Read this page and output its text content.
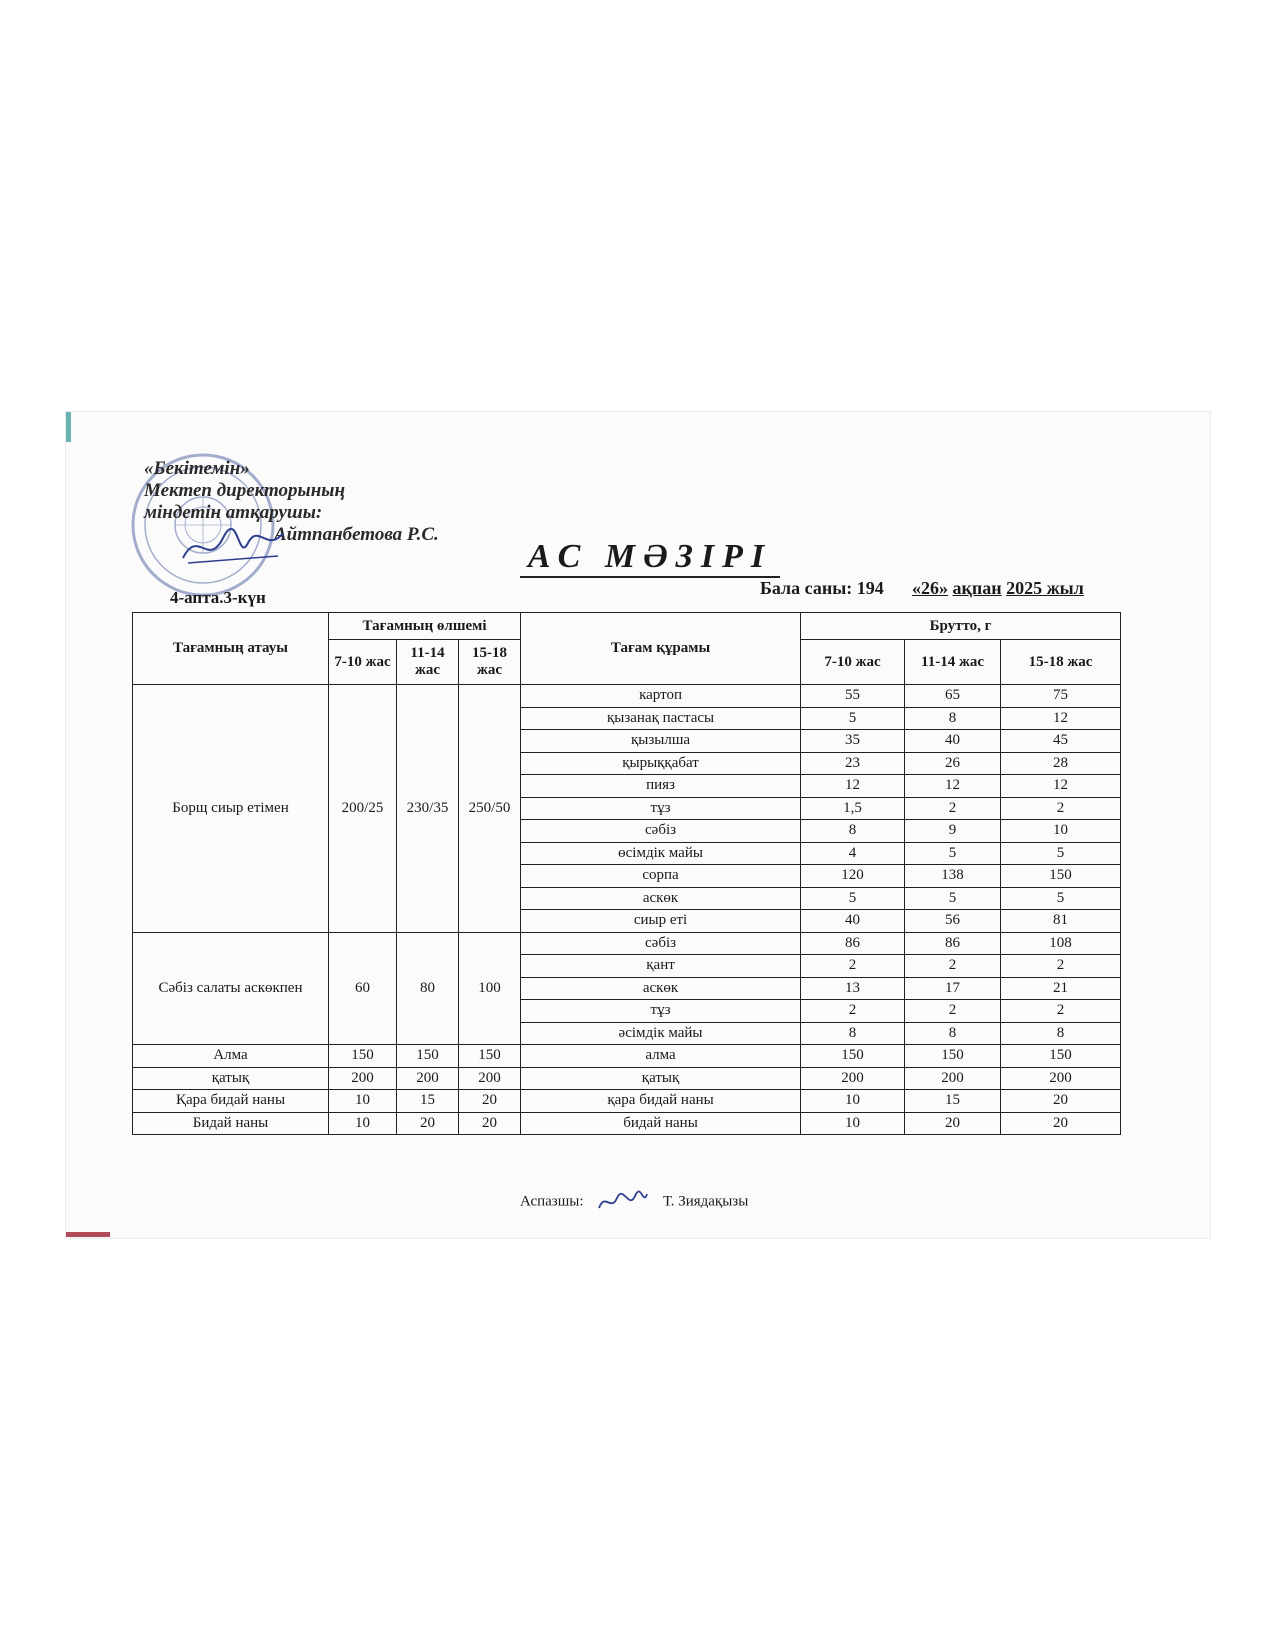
«Бекітемін»
Мектеп директорының
міндетін атқарушы:
Айтпанбетова Р.С.
АС МӘЗІРІ
4-апта.3-күн	Бала саны: 194 «26» ақпан 2025 жыл
Тағамның атауы	Тағамның өлшемі			Тағам құрамы	Брутто, г		
	7-10 жас	11-14 жас	15-18 жас		7-10 жас	11-14 жас	15-18 жас
Борщ сиыр етімен	200/25	230/35	250/50	картоп	55	65	75
				қызанақ пастасы	5	8	12
				қызылша	35	40	45
				қырыққабат	23	26	28
				пияз	12	12	12
				тұз	1,5	2	2
				сәбіз	8	9	10
				өсімдік майы	4	5	5
				сорпа	120	138	150
				аскөк	5	5	5
				сиыр еті	40	56	81
Сәбіз салаты аскөкпен	60	80	100	сәбіз	86	86	108
				қант	2	2	2
				аскөк	13	17	21
				тұз	2	2	2
				әсімдік майы	8	8	8
Алма	150	150	150	алма	150	150	150
қатық	200	200	200	қатық	200	200	200
Қара бидай наны	10	15	20	қара бидай наны	10	15	20
Бидай наны	10	20	20	бидай наны	10	20	20
Аспазшы:	Т. Зиядақызы
